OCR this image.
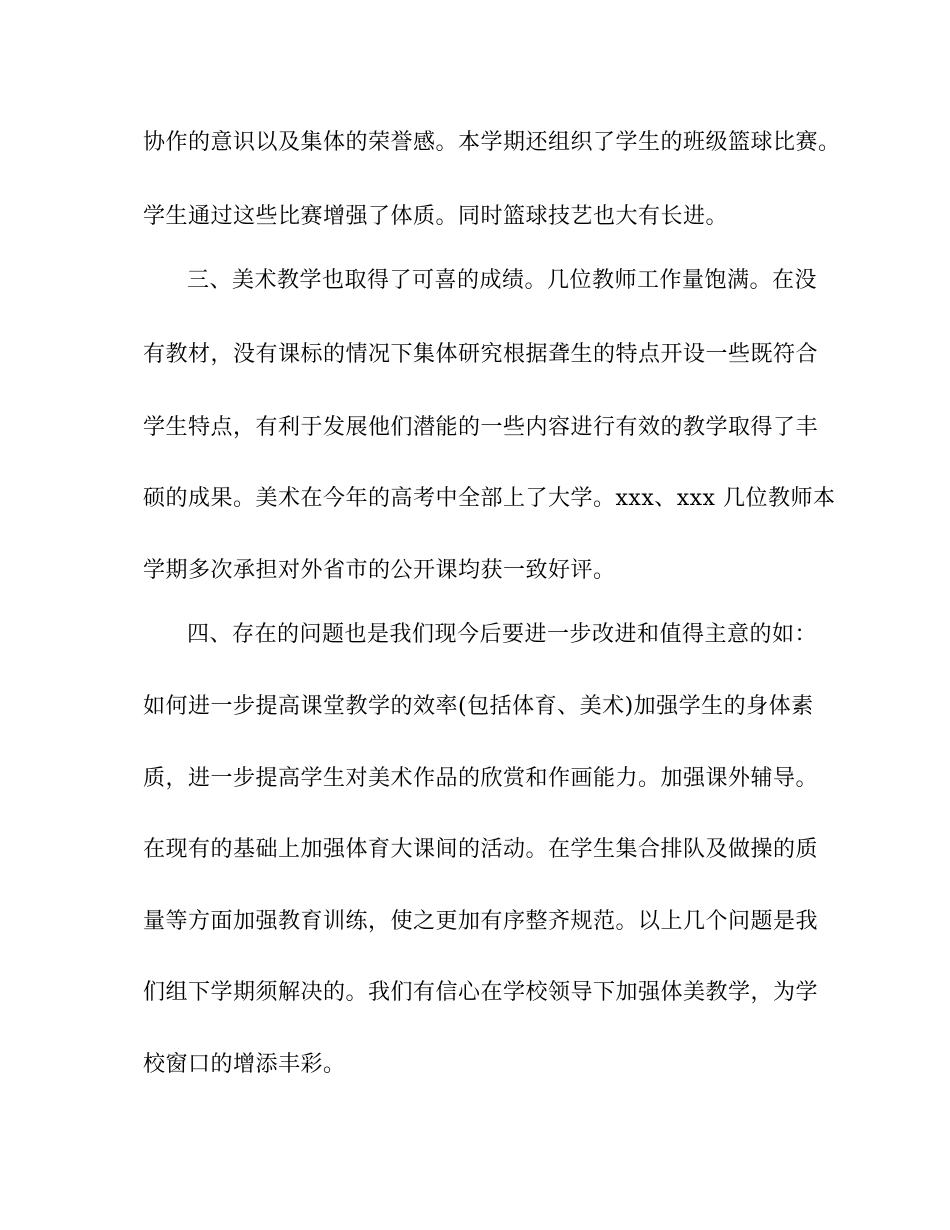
协作的意识以及集体的荣誉感。本学期还组织了学生的班级篮球比赛。
学生通过这些比赛增强了体质。同时篮球技艺也大有长进。
三、美术教学也取得了可喜的成绩。几位教师工作量饱满。在没
有教材，没有课标的情况下集体研究根据聋生的特点开设一些既符合
学生特点，有利于发展他们潜能的一些内容进行有效的教学取得了丰
硕的成果。美术在今年的高考中全部上了大学。xxx、xxx 几位教师本
学期多次承担对外省市的公开课均获一致好评。
四、存在的问题也是我们现今后要进一步改进和值得主意的如：
如何进一步提高课堂教学的效率(包括体育、美术)加强学生的身体素
质，进一步提高学生对美术作品的欣赏和作画能力。加强课外辅导。
在现有的基础上加强体育大课间的活动。在学生集合排队及做操的质
量等方面加强教育训练，使之更加有序整齐规范。以上几个问题是我
们组下学期须解决的。我们有信心在学校领导下加强体美教学，为学
校窗口的增添丰彩。
